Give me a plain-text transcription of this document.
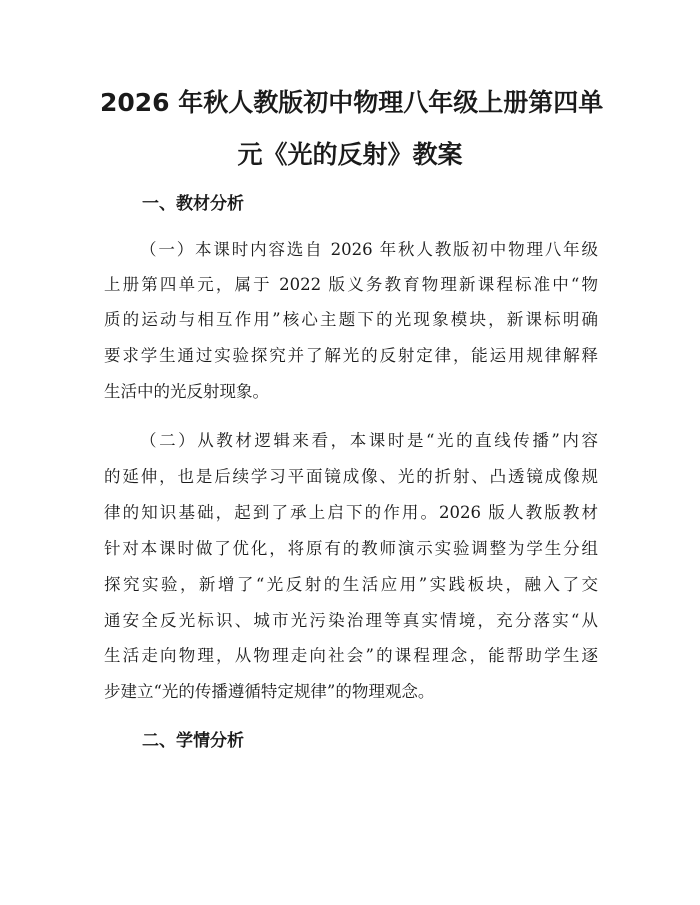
2026 年秋人教版初中物理八年级上册第四单
元《光的反射》教案
一、教材分析

（一）本课时内容选自 2026 年秋人教版初中物理八年级

上册第四单元，属于 2022 版义务教育物理新课程标准中“物

质的运动与相互作用”核心主题下的光现象模块，新课标明确

要求学生通过实验探究并了解光的反射定律，能运用规律解释

生活中的光反射现象。

（二）从教材逻辑来看，本课时是“光的直线传播”内容

的延伸，也是后续学习平面镜成像、光的折射、凸透镜成像规

律的知识基础，起到了承上启下的作用。2026 版人教版教材

针对本课时做了优化，将原有的教师演示实验调整为学生分组

探究实验，新增了“光反射的生活应用”实践板块，融入了交

通安全反光标识、城市光污染治理等真实情境，充分落实“从

生活走向物理，从物理走向社会”的课程理念，能帮助学生逐

步建立“光的传播遵循特定规律”的物理观念。

二、学情分析
